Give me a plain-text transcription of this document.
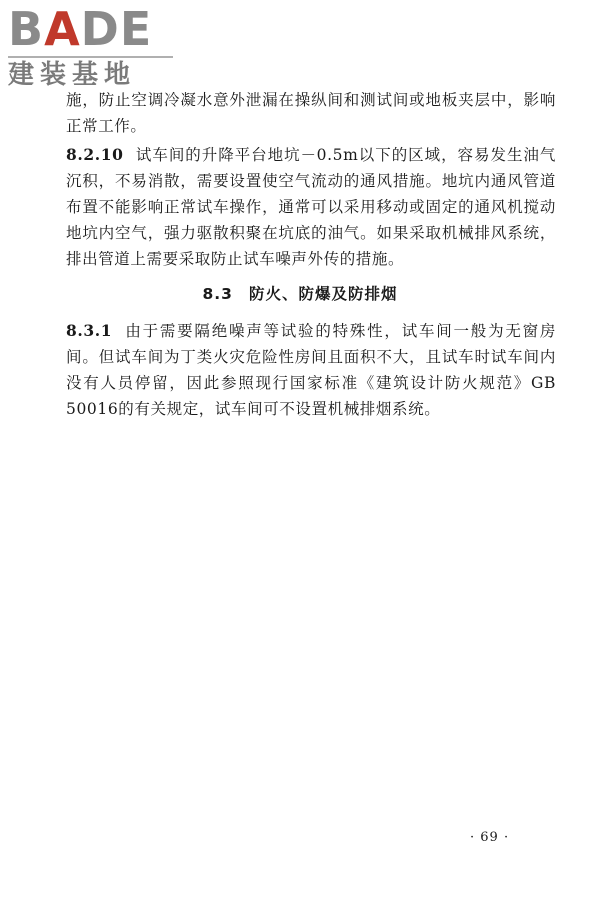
BADE
建装基地
施，防止空调冷凝水意外泄漏在操纵间和测试间或地板夹层中，影响正常工作。
8.2.10 试车间的升降平台地坑－0.5m以下的区域，容易发生油气沉积，不易消散，需要设置使空气流动的通风措施。地坑内通风管道布置不能影响正常试车操作，通常可以采用移动或固定的通风机搅动地坑内空气，强力驱散积聚在坑底的油气。如果采取机械排风系统，排出管道上需要采取防止试车噪声外传的措施。
8.3 防火、防爆及防排烟
8.3.1 由于需要隔绝噪声等试验的特殊性，试车间一般为无窗房间。但试车间为丁类火灾危险性房间且面积不大，且试车时试车间内没有人员停留，因此参照现行国家标准《建筑设计防火规范》GB 50016的有关规定，试车间可不设置机械排烟系统。
· 69 ·
